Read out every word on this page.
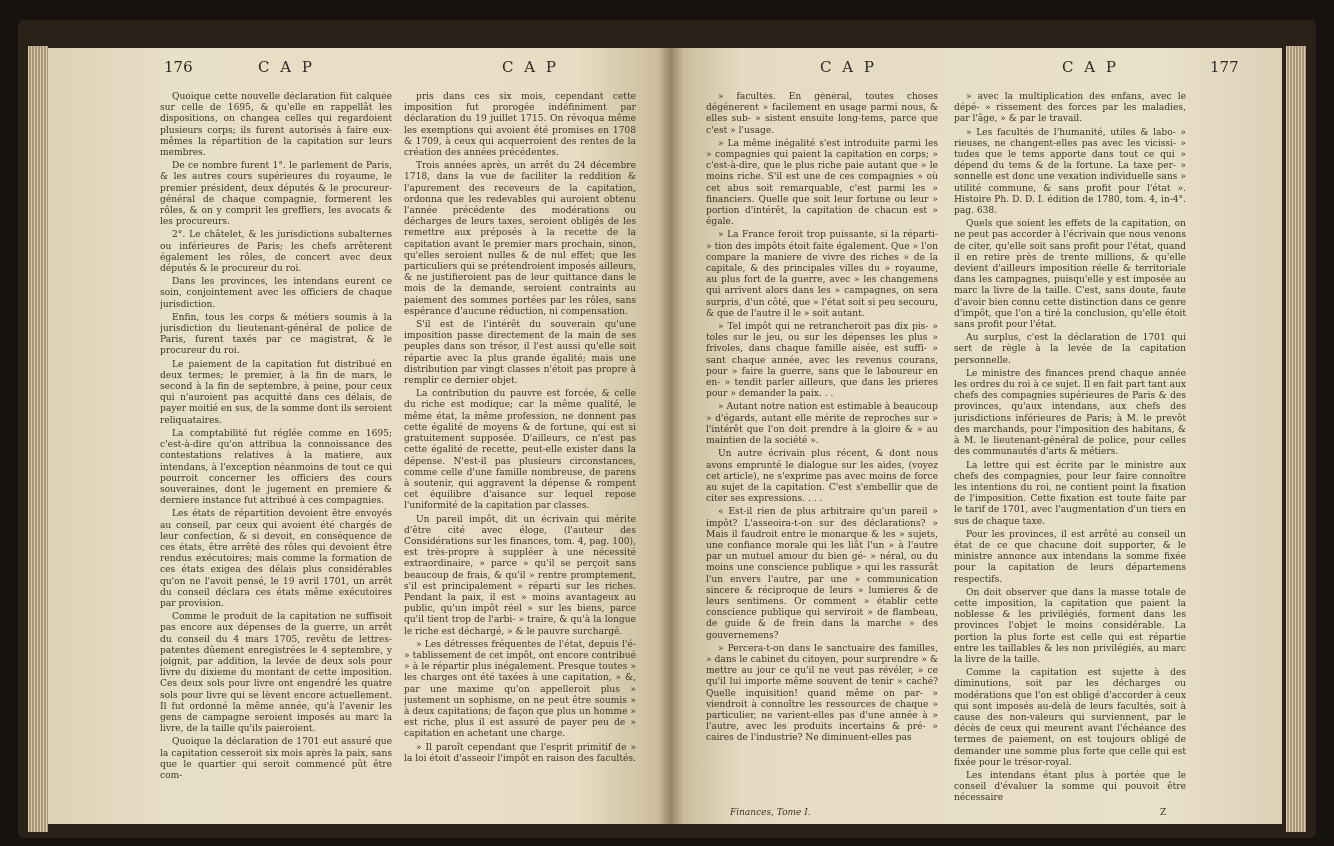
176	C A P	C A P

Quoique cette nouvelle déclaration fût calquée sur celle de 1695, & qu'elle en rappellât les dispositions, on changea celles qui regardoient plusieurs corps; ils furent autorisés à faire eux-mêmes la répartition de la capitation sur leurs membres.

De ce nombre furent 1°. le parlement de Paris, & les autres cours supérieures du royaume, le premier président, deux députés & le procureur-général de chaque compagnie, formerent les rôles, & on y comprit les greffiers, les avocats & les procureurs.

2°. Le châtelet, & les jurisdictions subalternes ou inférieures de Paris; les chefs arrêterent également les rôles, de concert avec deux députés & le procureur du roi.

Dans les provinces, les intendans eurent ce soin, conjointement avec les officiers de chaque jurisdiction.

Enfin, tous les corps & métiers soumis à la jurisdiction du lieutenant-général de police de Paris, furent taxés par ce magistrat, & le procureur du roi.

Le paiement de la capitation fut distribué en deux termes; le premier, à la fin de mars, le second à la fin de septembre, à peine, pour ceux qui n'auroient pas acquitté dans ces délais, de payer moitié en sus, de la somme dont ils seroient reliquataires.

La comptabilité fut réglée comme en 1695; c'est-à-dire qu'on attribua la connoissance des contestations relatives à la matiere, aux intendans, à l'exception néanmoins de tout ce qui pourroit concerner les officiers des cours souveraines, dont le jugement en premiere & derniere instance fut attribué à ces compagnies.

Les états de répartition devoient être envoyés au conseil, par ceux qui avoient été chargés de leur confection, & si devoit, en conséquence de ces états, être arrêté des rôles qui devoient être rendus exécutoires; mais comme la formation de ces états exigea des délais plus considérables qu'on ne l'avoit pensé, le 19 avril 1701, un arrêt du conseil déclara ces états même exécutoires par provision.

Comme le produit de la capitation ne suffisoit pas encore aux dépenses de la guerre, un arrêt du conseil du 4 mars 1705, revêtu de lettres-patentes dûement enregistrées le 4 septembre, y joignit, par addition, la levée de deux sols pour livre du dixieme du montant de cette imposition. Ces deux sols pour livre ont engendré les quatre sols pour livre qui se lèvent encore actuellement. Il fut ordonné la même année, qu'à l'avenir les gens de campagne seroient imposés au marc la livre, de la taille qu'ils paieroient.

Quoique la déclaration de 1701 eut assuré que la capitation cesseroit six mois après la paix, sans que le quartier qui seroit commencé pût être com-

pris dans ces six mois, cependant cette imposition fut prorogée indéfiniment par déclaration du 19 juillet 1715. On révoqua même les exemptions qui avoient été promises en 1708 & 1709, à ceux qui acquerroient des rentes de la création des années précédentes.

Trois années après, un arrêt du 24 décembre 1718, dans la vue de faciliter la reddition & l'apurement des receveurs de la capitation, ordonna que les redevables qui auroient obtenu l'année précédente des modérations ou décharges de leurs taxes, seroient obligés de les remettre aux préposés à la recette de la capitation avant le premier mars prochain, sinon, qu'elles seroient nulles & de nul effet; que les particuliers qui se prétendroient imposés ailleurs, & ne justifieroient pas de leur quittance dans le mois de la demande, seroient contraints au paiement des sommes portées par les rôles, sans espérance d'aucune réduction, ni compensation.

S'il est de l'intérêt du souverain qu'une imposition passe directement de la main de ses peuples dans son trésor, il l'est aussi qu'elle soit répartie avec la plus grande égalité; mais une distribution par vingt classes n'étoit pas propre à remplir ce dernier objet.

La contribution du pauvre est forcée, & celle du riche est modique; car la même qualité, le même état, la même profession, ne donnent pas cette égalité de moyens & de fortune, qui est si gratuitement supposée. D'ailleurs, ce n'est pas cette égalité de recette, peut-elle exister dans la dépense. N'est-il pas plusieurs circonstances, comme celle d'une famille nombreuse, de parens à soutenir, qui aggravent la dépense & rompent cet équilibre d'aisance sur lequel repose l'uniformité de la capitation par classes.

Un pareil impôt, dit un écrivain qui mérite d'être cité avec éloge, (l'auteur des Considérations sur les finances, tom. 4, pag. 100), est très-propre à suppléer à une nécessité extraordinaire, » parce » qu'il se perçoit sans beaucoup de frais, & qu'il » rentre promptement, s'il est principalement » réparti sur les riches. Pendant la paix, il est » moins avantageux au public, qu'un impôt réel » sur les biens, parce qu'il tient trop de l'arbi- » traire, & qu'à la longue le riche est déchargé, » & le pauvre surchargé.

» Les détresses fréquentes de l'état, depuis l'é- » tablissement de cet impôt, ont encore contribué » à le répartir plus inégalement. Presque toutes » les charges ont été taxées à une capitation, » &, par une maxime qu'on appelleroit plus » justement un sophisme, on ne peut être soumis » à deux capitations; de façon que plus un homme » est riche, plus il est assuré de payer peu de » capitation en achetant une charge.

» Il paroît cependant que l'esprit primitif de » la loi étoit d'asseoir l'impôt en raison des facultés.

C A P	C A P	177

» facultés. En général, toutes choses dégénerent » facilement en usage parmi nous, & elles sub- » sistent ensuite long-tems, parce que c'est » l'usage.

» La même inégalité s'est introduite parmi les » compagnies qui paient la capitation en corps; » c'est-à-dire, que le plus riche paie autant que » le moins riche. S'il est une de ces compagnies » où cet abus soit remarquable, c'est parmi les » financiers. Quelle que soit leur fortune ou leur » portion d'intérêt, la capitation de chacun est » égale.

» La France feroit trop puissante, si la réparti- » tion des impôts étoit faite également. Que » l'on compare la maniere de vivre des riches » de la capitale, & des principales villes du » royaume, au plus fort de la guerre, avec » les changemens qui arrivent alors dans les » campagnes, on sera surpris, d'un côté, que » l'état soit si peu secouru, & que de l'autre il le » soit autant.

» Tel impôt qui ne retrancheroit pas dix pis- » toles sur le jeu, ou sur les dépenses les plus » frivoles, dans chaque famille aisée, est suffi- » sant chaque année, avec les revenus courans, pour » faire la guerre, sans que le laboureur en en- » tendit parler ailleurs, que dans les prieres pour » demander la paix. . .

» Autant notre nation est estimable à beaucoup » d'égards, autant elle mérite de reproches sur » l'intérêt que l'on doit prendre à la gloire & » au maintien de la société ».

Un autre écrivain plus récent, & dont nous avons emprunté le dialogue sur les aides, (voyez cet article), ne s'exprime pas avec moins de force au sujet de la capitation. C'est s'embellir que de citer ses expressions. . . .

« Est-il rien de plus arbitraire qu'un pareil » impôt? L'asseoira-t-on sur des déclarations? » Mais il faudroit entre le monarque & les » sujets, une confiance morale qui les liât l'un » à l'autre par un mutuel amour du bien gé- » néral, ou du moins une conscience publique » qui les rassurât l'un envers l'autre, par une » communication sincere & réciproque de leurs » lumieres & de leurs sentimens. Or comment » établir cette conscience publique qui serviroit » de flambeau, de guide & de frein dans la marche » des gouvernemens?

» Percera-t-on dans le sanctuaire des familles, » dans le cabinet du citoyen, pour surprendre » & mettre au jour ce qu'il ne veut pas révéler, » ce qu'il lui importe même souvent de tenir » caché? Quelle inquisition! quand même on par- » viendroit à connoître les ressources de chaque » particulier, ne varient-elles pas d'une année à » l'autre, avec les produits incertains & pré- » caires de l'industrie? Ne diminuent-elles pas

» avec la multiplication des enfans, avec le dépé- » rissement des forces par les maladies, par l'âge, » & par le travail.

» Les facultés de l'humanité, utiles & labo- » rieuses, ne changent-elles pas avec les vicissi- » tudes que le tems apporte dans tout ce qui » dépend du tems & de la fortune. La taxe per- » sonnelle est donc une vexation individuelle sans » utilité commune, & sans profit pour l'état ». Histoire Ph. D. D. I. édition de 1780, tom. 4, in-4°. pag. 638.

Quels que soient les effets de la capitation, on ne peut pas accorder à l'écrivain que nous venons de citer, qu'elle soit sans profit pour l'état, quand il en retire près de trente millions, & qu'elle devient d'ailleurs imposition réelle & territoriale dans les campagnes, puisqu'elle y est imposée au marc la livre de la taille. C'est, sans doute, faute d'avoir bien connu cette distinction dans ce genre d'impôt, que l'on a tiré la conclusion, qu'elle étoit sans profit pour l'état.

Au surplus, c'est la déclaration de 1701 qui sert de règle à la levée de la capitation personnelle.

Le ministre des finances prend chaque année les ordres du roi à ce sujet. Il en fait part tant aux chefs des compagnies supérieures de Paris & des provinces, qu'aux intendans, aux chefs des jurisdictions inférieures de Paris; à M. le prevôt des marchands, pour l'imposition des habitans, & à M. le lieutenant-général de police, pour celles des communautés d'arts & métiers.

La lettre qui est écrite par le ministre aux chefs des compagnies, pour leur faire connoître les intentions du roi, ne contient point la fixation de l'imposition. Cette fixation est toute faite par le tarif de 1701, avec l'augmentation d'un tiers en sus de chaque taxe.

Pour les provinces, il est arrêté au conseil un état de ce que chacune doit supporter, & le ministre annonce aux intendans la somme fixée pour la capitation de leurs départemens respectifs.

On doit observer que dans la masse totale de cette imposition, la capitation que paient la noblesse & les privilégiés, forment dans les provinces l'objet le moins considérable. La portion la plus forte est celle qui est répartie entre les taillables & les non privilégiés, au marc la livre de la taille.

Comme la capitation est sujette à des diminutions, soit par les décharges ou modérations que l'on est obligé d'accorder à ceux qui sont imposés au-delà de leurs facultés, soit à cause des non-valeurs qui surviennent, par le décès de ceux qui meurent avant l'échéance des termes de paiement, on est toujours obligé de demander une somme plus forte que celle qui est fixée pour le trésor-royal.

Les intendans étant plus à portée que le conseil d'évaluer la somme qui pouvoit être nécessaire

Finances, Tome I.	Z
